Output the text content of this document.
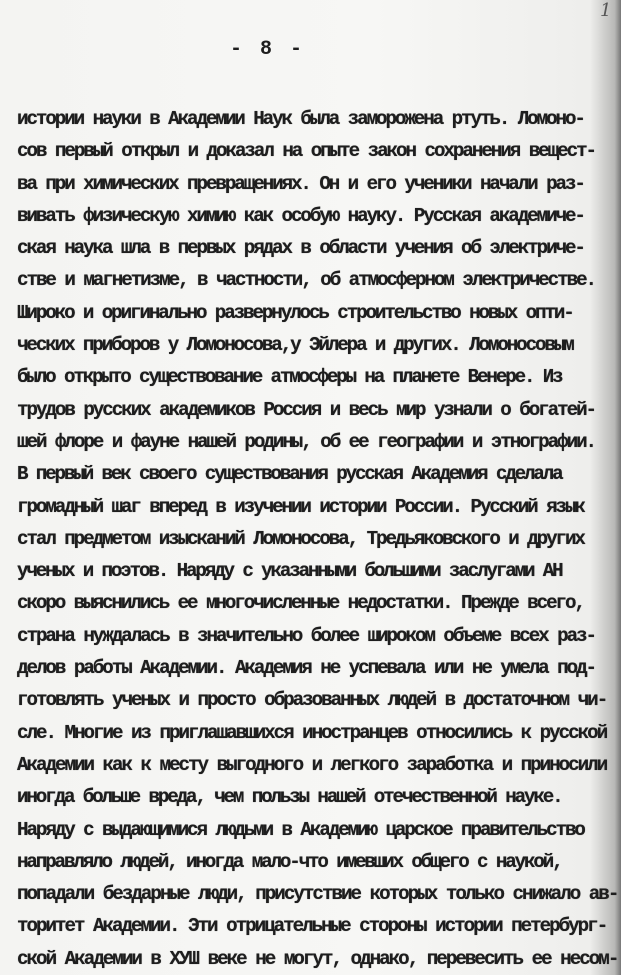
- 8 -
1
истории науки в Академии Наук была заморожена ртуть. Ломоно-
сов первый открыл и доказал на опыте закон сохранения вещест-
ва при химических превращениях. Он и его ученики начали раз-
вивать физическую химию как особую науку. Русская академиче-
ская наука шла в первых рядах в области учения об электриче-
стве и магнетизме, в частности, об атмосферном электричестве.
Широко и оригинально развернулось строительство новых опти-
ческих приборов у Ломоносова,у Эйлера и других. Ломоносовым
было открыто существование атмосферы на планете Венере. Из
трудов русских академиков Россия и весь мир узнали о богатей-
шей флоре и фауне нашей родины, об ее географии и этнографии.
В первый век своего существования русская Академия сделала
громадный шаг вперед в изучении истории России. Русский язык
стал предметом изысканий Ломоносова, Тредьяковского и других
ученых и поэтов. Наряду с указанными большими заслугами АН
скоро выяснились ее многочисленные недостатки. Прежде всего,
страна нуждалась в значительно более широком объеме всех раз-
делов работы Академии. Академия не успевала или не умела под-
готовлять ученых и просто образованных людей в достаточном чи-
сле. Многие из приглашавшихся иностранцев относились к русской
Академии как к месту выгодного и легкого заработка и приносили
иногда больше вреда, чем пользы нашей отечественной науке.
Наряду с выдающимися людьми в Академию царское правительство
направляло людей, иногда мало-что имевших общего с наукой,
попадали бездарные люди, присутствие которых только снижало ав-
торитет Академии. Эти отрицательные стороны истории петербург-
ской Академии в ХУШ веке не могут, однако, перевесить ее несом-
